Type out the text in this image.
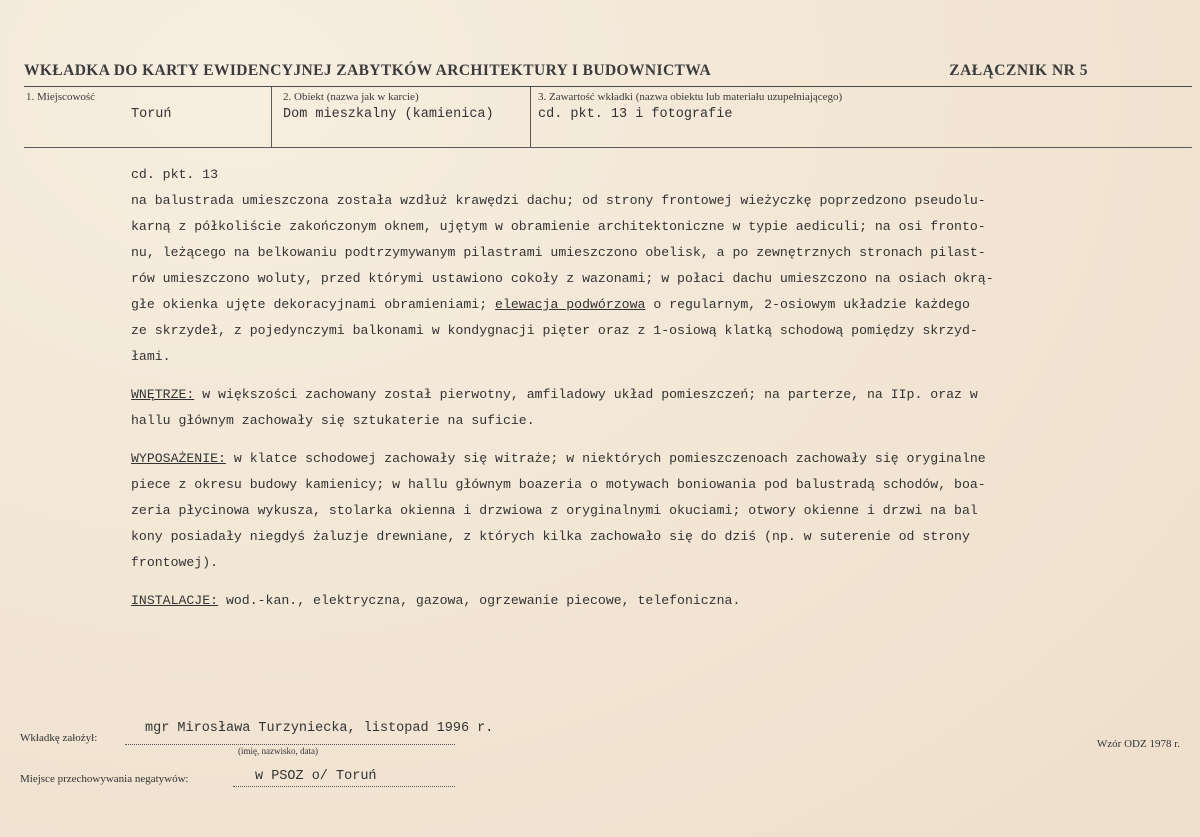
WKŁADKA DO KARTY EWIDENCYJNEJ ZABYTKÓW ARCHITEKTURY I BUDOWNICTWA	ZAŁĄCZNIK NR 5
1. Miejscowość
Toruń
2. Obiekt (nazwa jak w karcie)
Dom mieszkalny (kamienica)
3. Zawartość wkładki (nazwa obiektu lub materiału uzupełniającego)
cd. pkt. 13 i fotografie
cd. pkt. 13
na balustrada umieszczona została wzdłuż krawędzi dachu; od strony frontowej wieżyczkę poprzedzono pseudolu-
karną z półkoliście zakończonym oknem, ujętym w obramienie architektoniczne w typie aediculi; na osi fronto-
nu, leżącego na belkowaniu podtrzymywanym pilastrami umieszczono obelisk, a po zewnętrznych stronach pilast-
rów umieszczono woluty, przed którymi ustawiono cokoły z wazonami; w połaci dachu umieszczono na osiach okrą-
głe okienka ujęte dekoracyjnami obramieniami; elewacja podwórzowa o regularnym, 2-osiowym układzie każdego
ze skrzydeł, z pojedynczymi balkonami w kondygnacji pięter oraz z 1-osiową klatką schodową pomiędzy skrzyd-
łami.
WNĘTRZE: w większości zachowany został pierwotny, amfiladowy układ pomieszczeń; na parterze, na IIp. oraz w
hallu głównym zachowały się sztukaterie na suficie.
WYPOSAŻENIE: w klatce schodowej zachowały się witraże; w niektórych pomieszczenoach zachowały się oryginalne
piece z okresu budowy kamienicy; w hallu głównym boazeria o motywach boniowania pod balustradą schodów, boa-
zeria płycinowa wykusza, stolarka okienna i drzwiowa z oryginalnymi okuciami; otwory okienne i drzwi na bal
kony posiadały niegdyś żaluzje drewniane, z których kilka zachowało się do dziś (np. w suterenie od strony
frontowej).
INSTALACJE: wod.-kan., elektryczna, gazowa, ogrzewanie piecowe, telefoniczna.
Wkładkę założył:
mgr Mirosława Turzyniecka, listopad 1996 r.
(imię, nazwisko, data)
Miejsce przechowywania negatywów:	w PSOZ o/ Toruń
Wzór ODZ 1978 r.
